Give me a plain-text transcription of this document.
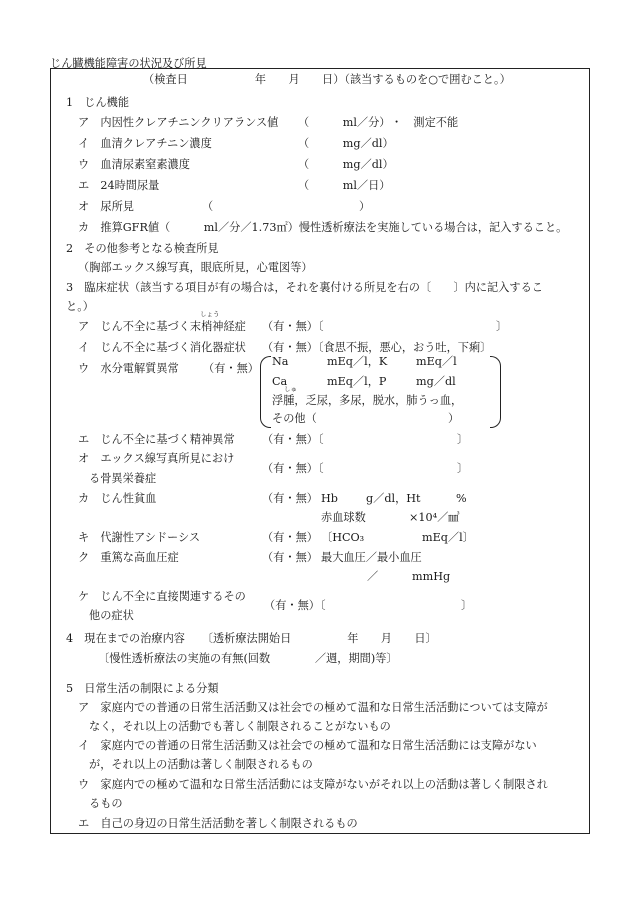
じん臓機能障害の状況及び所見
（検査日　　　　　　年　　月　　日）（該当するものを○で囲むこと。）
1　じん機能
ア　内因性クレアチニンクリアランス値 （　　　ml／分） ・　測定不能
イ　血清クレアチニン濃度	（　　　mg／dl）
ウ　血清尿素窒素濃度	（　　　mg／dl）
エ　24時間尿量	（　　　ml／日）
オ　尿所見	（	）
カ　推算GFR値（　　　ml／分／1.73㎡）慢性透析療法を実施している場合は，記入すること。
2　その他参考となる検査所見
（胸部エックス線写真，眼底所見，心電図等）
3　臨床症状（該当する項目が有の場合は，それを裏付ける所見を右の〔　　〕内に記入するこ
と。）
しょう
ア　じん不全に基づく末梢神経症 （有・無）〔	〕
イ　じん不全に基づく消化器症状 （有・無）〔食思不振，悪心，おう吐，下痢〕
ウ　水分電解質異常 （有・無）
Na	mEq／l，K	mEq／l
Ca	mEq／l，P	mg／dl
しゅ
浮腫，乏尿，多尿，脱水，肺うっ血，
その他（	）
エ　じん不全に基づく精神異常 （有・無）〔	〕
オ　エックス線写真所見におけ
る骨異栄養症
（有・無）〔	〕
カ　じん性貧血	（有・無） Hb	g／dl，Ht	%
赤血球数	×10⁴／㎣
キ　代謝性アシドーシス	（有・無） 〔HCO₃	mEq／l〕
ク　重篤な高血圧症	（有・無） 最大血圧／最小血圧
／	mmHg
ケ　じん不全に直接関連するその
他の症状
（有・無）〔	〕
4　現在までの治療内容　　〔透析療法開始日　　　　　年　　月　　日〕
〔慢性透析療法の実施の有無(回数　　　　／週，期間)等〕
5　日常生活の制限による分類
ア　家庭内での普通の日常生活活動又は社会での極めて温和な日常生活活動については支障が
なく，それ以上の活動でも著しく制限されることがないもの
イ　家庭内での普通の日常生活活動又は社会での極めて温和な日常生活活動には支障がない
が，それ以上の活動は著しく制限されるもの
ウ　家庭内での極めて温和な日常生活活動には支障がないがそれ以上の活動は著しく制限され
るもの
エ　自己の身辺の日常生活活動を著しく制限されるもの
